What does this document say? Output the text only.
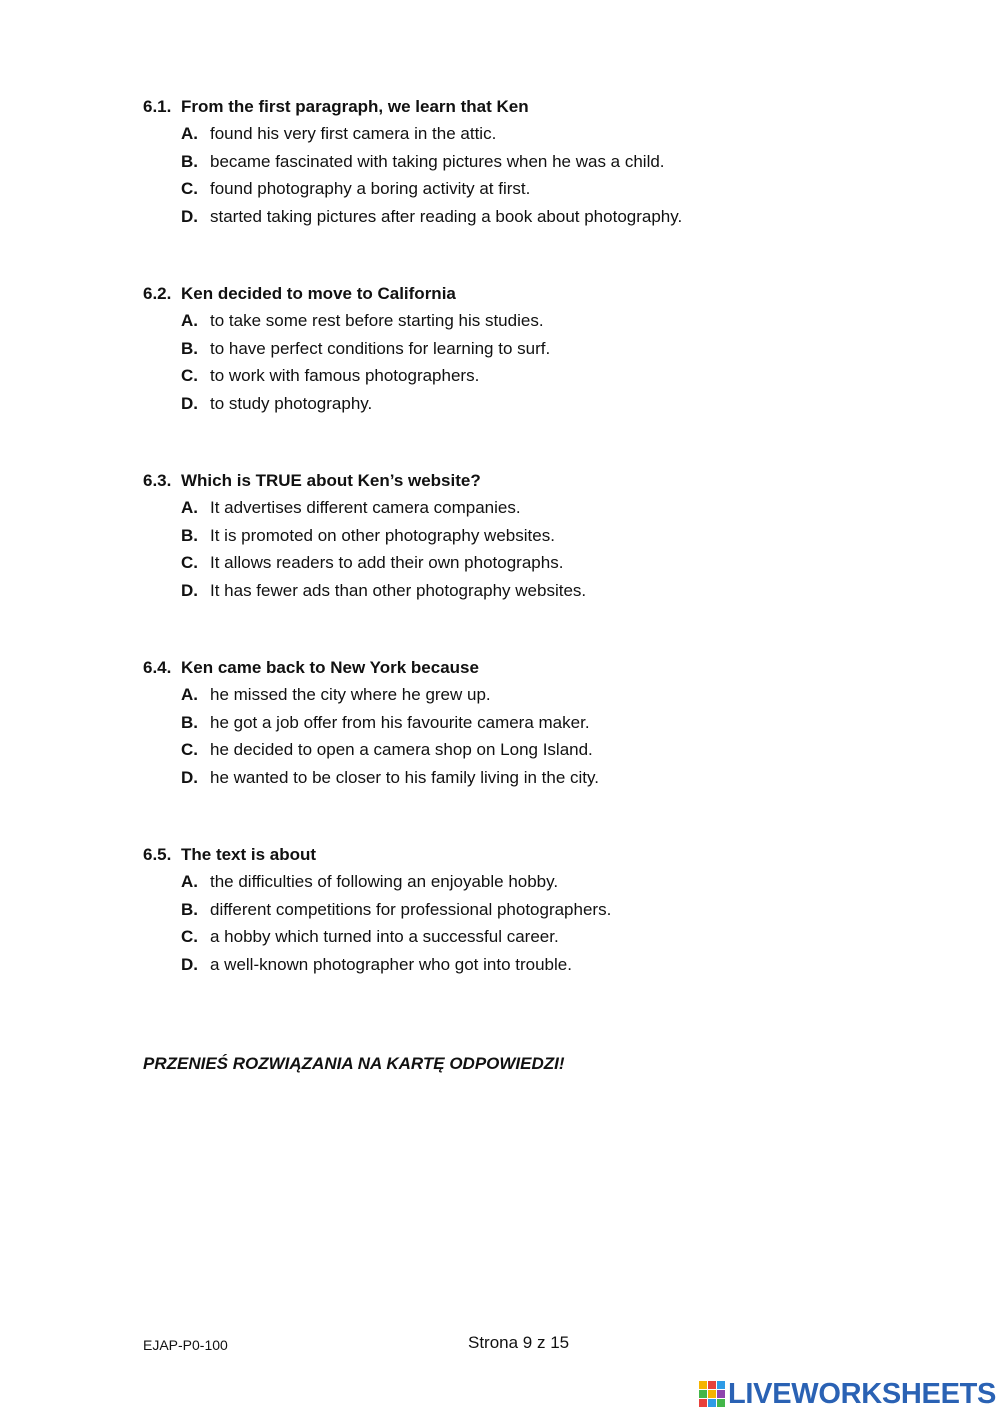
6.1. From the first paragraph, we learn that Ken
A. found his very first camera in the attic.
B. became fascinated with taking pictures when he was a child.
C. found photography a boring activity at first.
D. started taking pictures after reading a book about photography.
6.2. Ken decided to move to California
A. to take some rest before starting his studies.
B. to have perfect conditions for learning to surf.
C. to work with famous photographers.
D. to study photography.
6.3. Which is TRUE about Ken’s website?
A. It advertises different camera companies.
B. It is promoted on other photography websites.
C. It allows readers to add their own photographs.
D. It has fewer ads than other photography websites.
6.4. Ken came back to New York because
A. he missed the city where he grew up.
B. he got a job offer from his favourite camera maker.
C. he decided to open a camera shop on Long Island.
D. he wanted to be closer to his family living in the city.
6.5. The text is about
A. the difficulties of following an enjoyable hobby.
B. different competitions for professional photographers.
C. a hobby which turned into a successful career.
D. a well-known photographer who got into trouble.
PRZENIEŚ ROZWIĄZANIA NA KARTĘ ODPOWIEDZI!
EJAP-P0-100	Strona 9 z 15
LIVEWORKSHEETS
